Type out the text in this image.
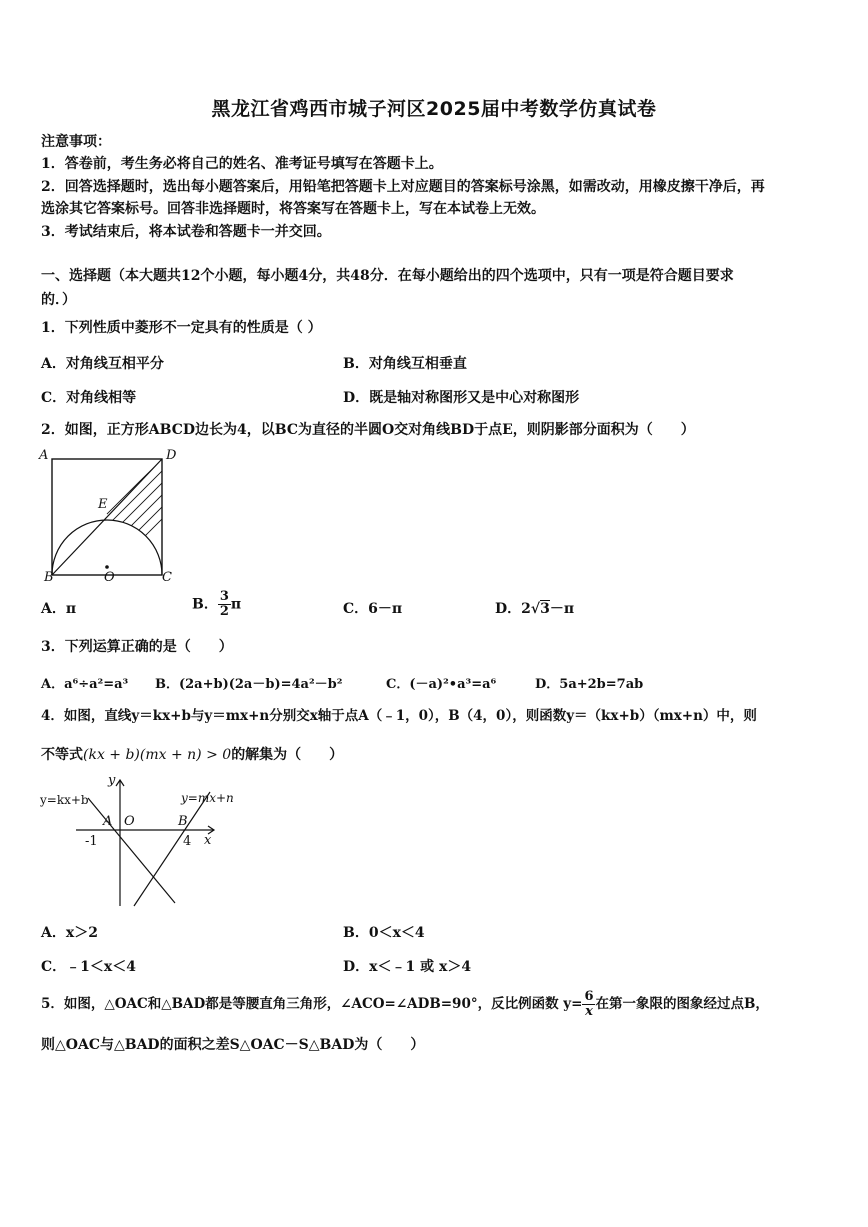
黑龙江省鸡西市城子河区2025届中考数学仿真试卷
注意事项：
1．答卷前，考生务必将自己的姓名、准考证号填写在答题卡上。
2．回答选择题时，选出每小题答案后，用铅笔把答题卡上对应题目的答案标号涂黑，如需改动，用橡皮擦干净后，再
选涂其它答案标号。回答非选择题时，将答案写在答题卡上，写在本试卷上无效。
3．考试结束后，将本试卷和答题卡一并交回。
一、选择题（本大题共12个小题，每小题4分，共48分．在每小题给出的四个选项中，只有一项是符合题目要求
的．）
1．下列性质中菱形不一定具有的性质是（ ）
A．对角线互相平分	B．对角线互相垂直
C．对角线相等	D．既是轴对称图形又是中心对称图形
2．如图，正方形ABCD边长为4，以BC为直径的半圆O交对角线BD于点E，则阴影部分面积为（　　）
A	D
E
B	O	C
A．π	B． $\frac{3}{2}$ π	C．6－π	D．2√3－π
3．下列运算正确的是（　　）
A．a⁶÷a²=a³ B．(2a+b)(2a－b)=4a²－b²	C．(－a)²•a³=a⁶	D．5a+2b=7ab
4．如图，直线y＝kx+b与y＝mx+n分别交x轴于点A（﹣1，0），B（4，0），则函数y＝（kx+b）（mx+n）中，则
不等式(kx + b)(mx + n) > 0的解集为（　　）
y
x
y=kx+b	y=mx+n
A O	B
-1	4
A．x＞2	B．0＜x＜4
C．﹣1＜x＜4	D．x＜﹣1 或 x＞4
5．如图，△OAC和△BAD都是等腰直角三角形，∠ACO=∠ADB=90°，反比例函数 $y= \frac{6}{x}$ 在第一象限的图象经过点B，
则△OAC与△BAD的面积之差S△OAC－S△BAD为（　　）
